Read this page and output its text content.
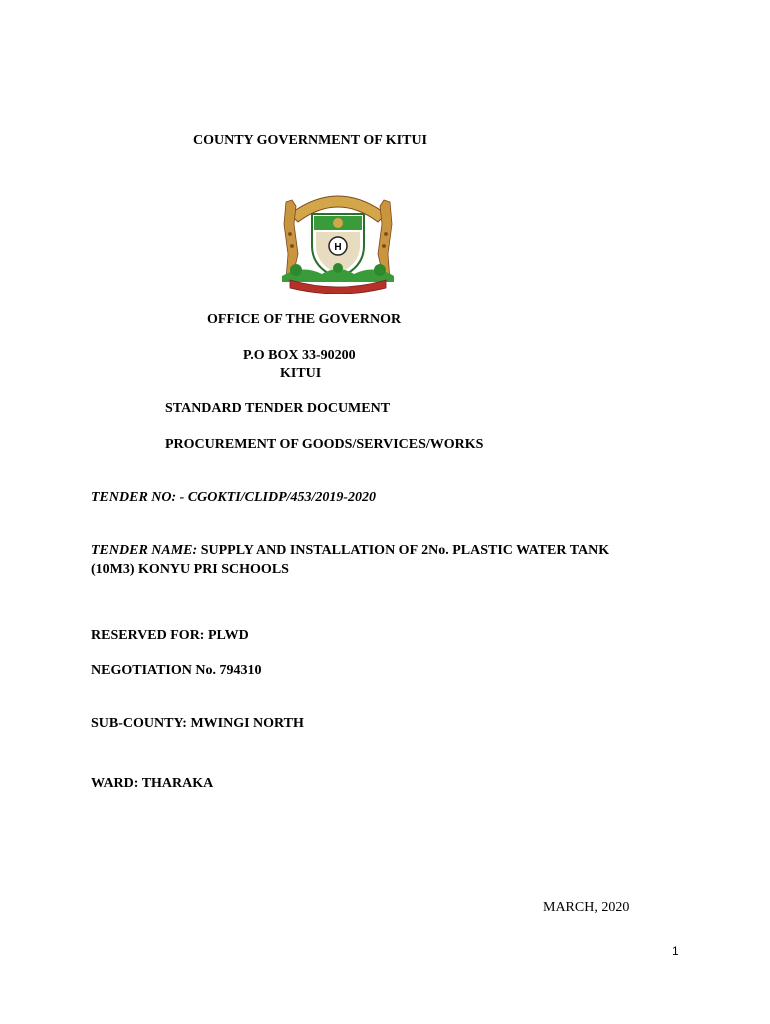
COUNTY GOVERNMENT OF KITUI
H
OFFICE OF THE GOVERNOR
P.O BOX 33-90200
KITUI
STANDARD TENDER DOCUMENT
PROCUREMENT OF GOODS/SERVICES/WORKS
TENDER NO: - CGOKTI/CLIDP/453/2019-2020
TENDER NAME: SUPPLY AND INSTALLATION OF 2No. PLASTIC WATER TANK
(10M3) KONYU PRI SCHOOLS
RESERVED FOR: PLWD
NEGOTIATION No. 794310
SUB-COUNTY: MWINGI NORTH
WARD: THARAKA
MARCH, 2020
1
